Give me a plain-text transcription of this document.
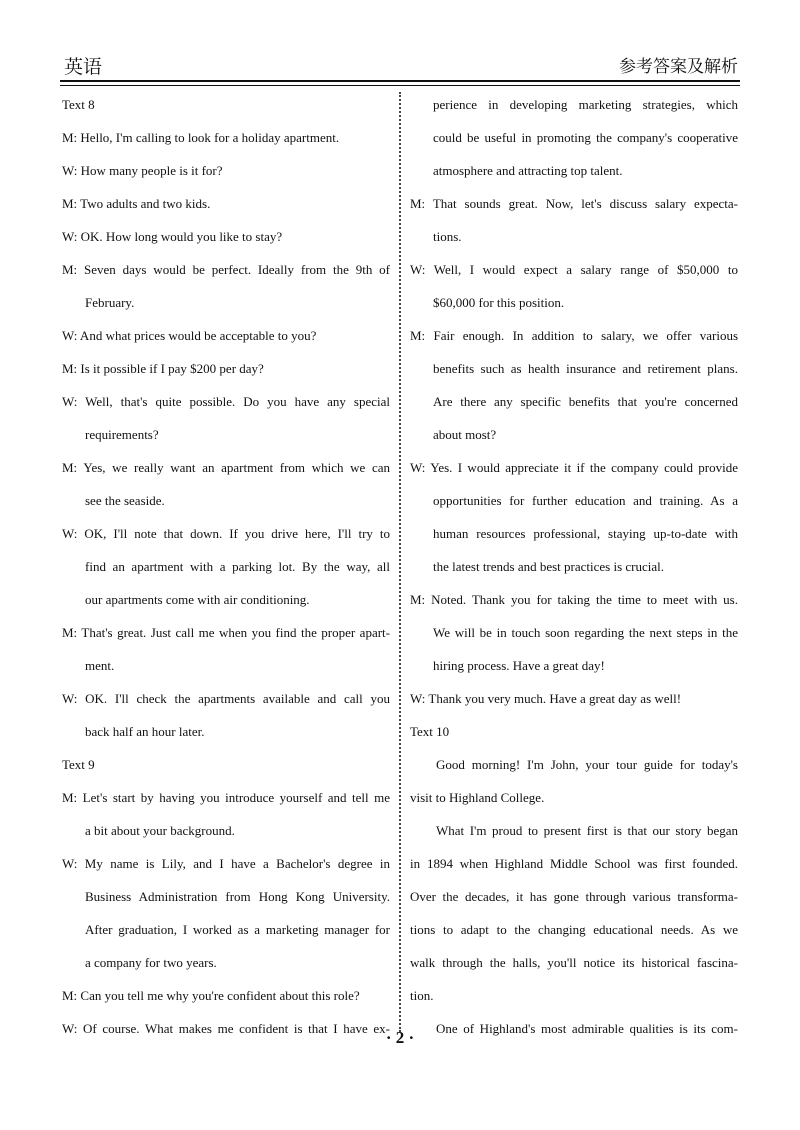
英语	参考答案及解析
Text 8
M: Hello, I'm calling to look for a holiday apartment.
W: How many people is it for?
M: Two adults and two kids.
W: OK. How long would you like to stay?
M: Seven days would be perfect. Ideally from the 9th of
February.
W: And what prices would be acceptable to you?
M: Is it possible if I pay $200 per day?
W: Well, that's quite possible. Do you have any special
requirements?
M: Yes, we really want an apartment from which we can
see the seaside.
W: OK, I'll note that down. If you drive here, I'll try to
find an apartment with a parking lot. By the way, all
our apartments come with air conditioning.
M: That's great. Just call me when you find the proper apart-
ment.
W: OK. I'll check the apartments available and call you
back half an hour later.
Text 9
M: Let's start by having you introduce yourself and tell me
a bit about your background.
W: My name is Lily, and I have a Bachelor's degree in
Business Administration from Hong Kong University.
After graduation, I worked as a marketing manager for
a company for two years.
M: Can you tell me why you're confident about this role?
W: Of course. What makes me confident is that I have ex-
perience in developing marketing strategies, which
could be useful in promoting the company's cooperative
atmosphere and attracting top talent.
M: That sounds great. Now, let's discuss salary expecta-
tions.
W: Well, I would expect a salary range of $50,000 to
$60,000 for this position.
M: Fair enough. In addition to salary, we offer various
benefits such as health insurance and retirement plans.
Are there any specific benefits that you're concerned
about most?
W: Yes. I would appreciate it if the company could provide
opportunities for further education and training. As a
human resources professional, staying up-to-date with
the latest trends and best practices is crucial.
M: Noted. Thank you for taking the time to meet with us.
We will be in touch soon regarding the next steps in the
hiring process. Have a great day!
W: Thank you very much. Have a great day as well!
Text 10
Good morning! I'm John, your tour guide for today's
visit to Highland College.
What I'm proud to present first is that our story began
in 1894 when Highland Middle School was first founded.
Over the decades, it has gone through various transforma-
tions to adapt to the changing educational needs. As we
walk through the halls, you'll notice its historical fascina-
tion.
One of Highland's most admirable qualities is its com-
· 2 ·
